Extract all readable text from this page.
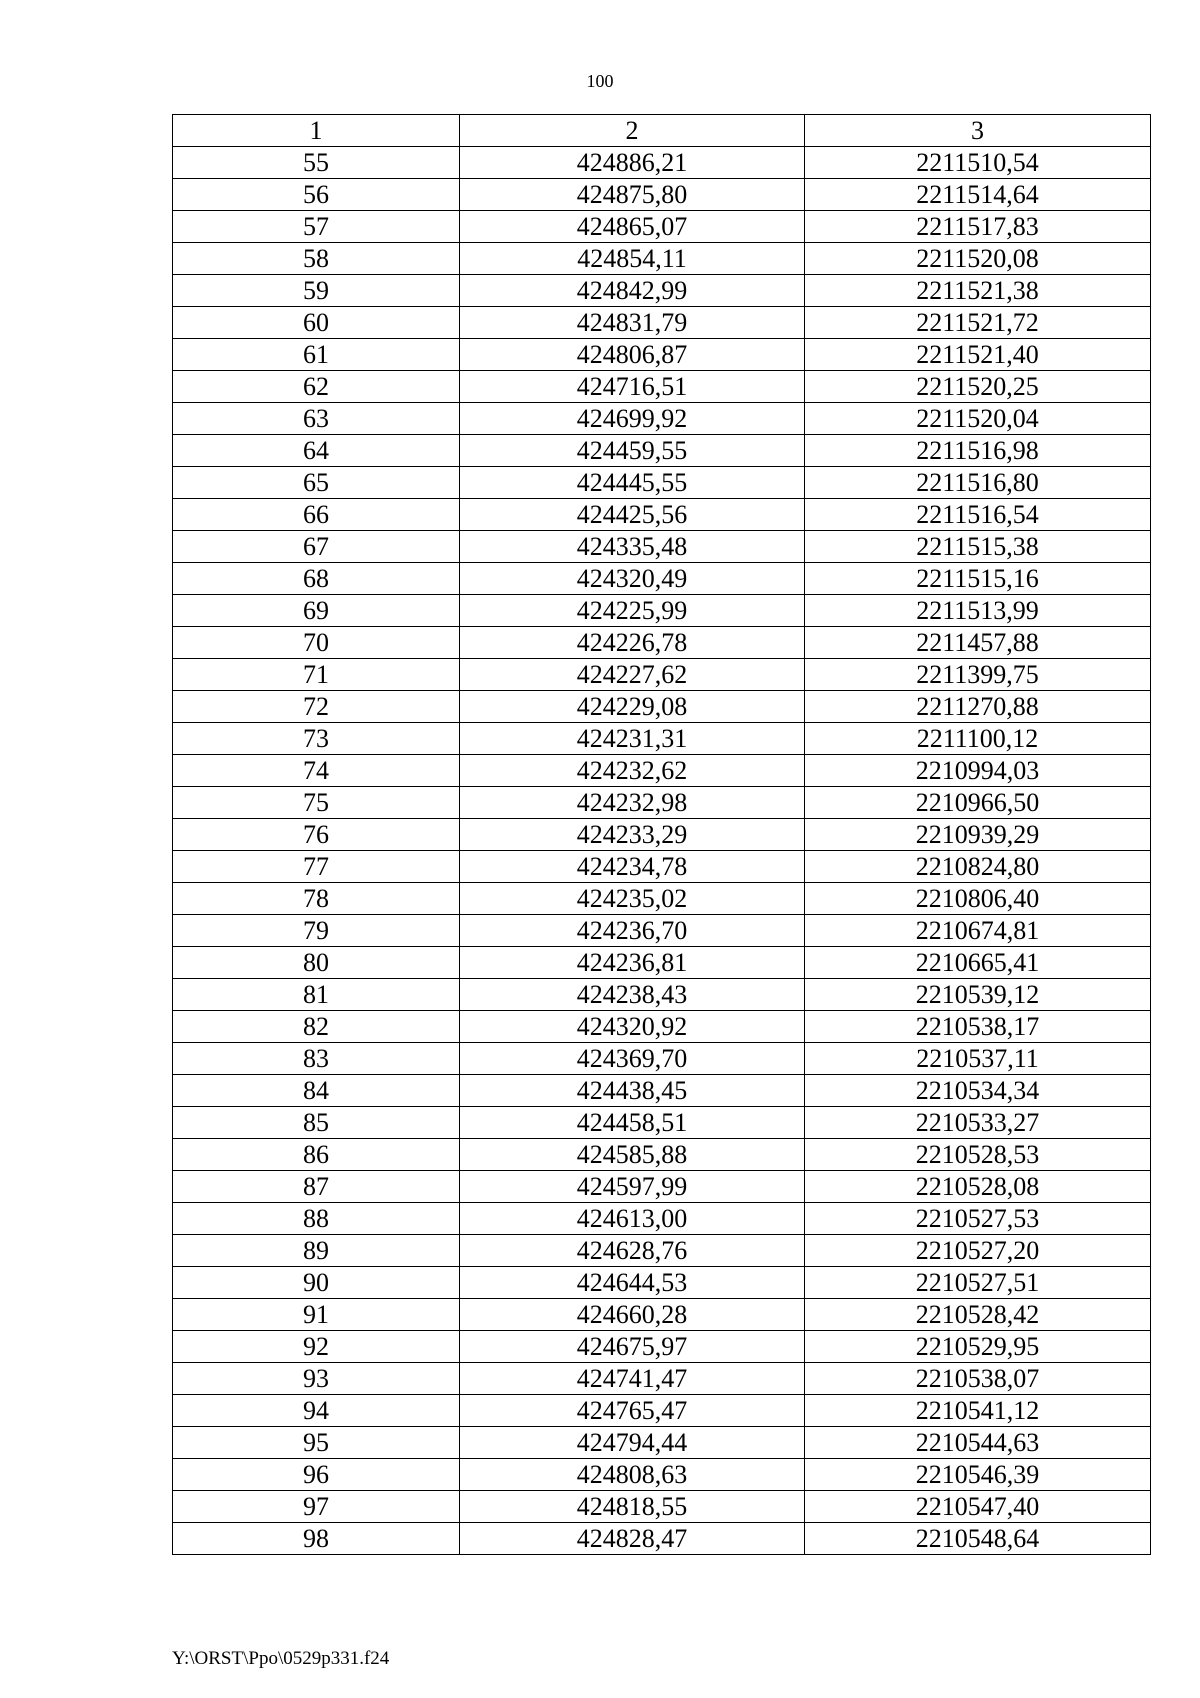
100
1	2	3
55	424886,21	2211510,54
56	424875,80	2211514,64
57	424865,07	2211517,83
58	424854,11	2211520,08
59	424842,99	2211521,38
60	424831,79	2211521,72
61	424806,87	2211521,40
62	424716,51	2211520,25
63	424699,92	2211520,04
64	424459,55	2211516,98
65	424445,55	2211516,80
66	424425,56	2211516,54
67	424335,48	2211515,38
68	424320,49	2211515,16
69	424225,99	2211513,99
70	424226,78	2211457,88
71	424227,62	2211399,75
72	424229,08	2211270,88
73	424231,31	2211100,12
74	424232,62	2210994,03
75	424232,98	2210966,50
76	424233,29	2210939,29
77	424234,78	2210824,80
78	424235,02	2210806,40
79	424236,70	2210674,81
80	424236,81	2210665,41
81	424238,43	2210539,12
82	424320,92	2210538,17
83	424369,70	2210537,11
84	424438,45	2210534,34
85	424458,51	2210533,27
86	424585,88	2210528,53
87	424597,99	2210528,08
88	424613,00	2210527,53
89	424628,76	2210527,20
90	424644,53	2210527,51
91	424660,28	2210528,42
92	424675,97	2210529,95
93	424741,47	2210538,07
94	424765,47	2210541,12
95	424794,44	2210544,63
96	424808,63	2210546,39
97	424818,55	2210547,40
98	424828,47	2210548,64
Y:\ORST\Ppo\0529p331.f24
